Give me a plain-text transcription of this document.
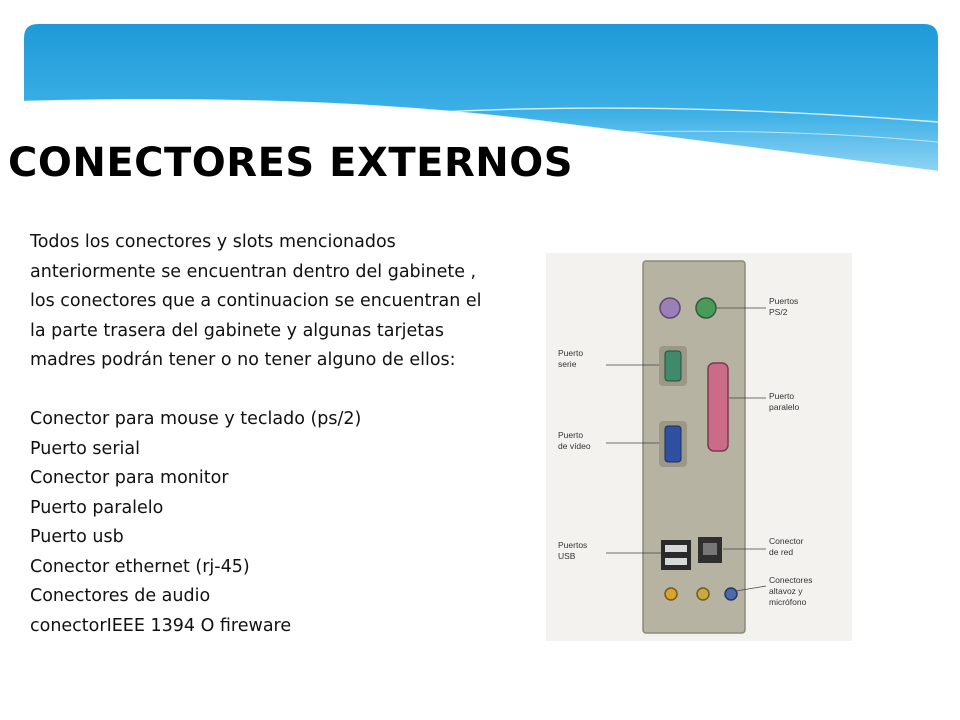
CONECTORES EXTERNOS

Todos los conectores y slots mencionados anteriormente se encuentran dentro del gabinete , los conectores que a continuacion se encuentran el la parte trasera del gabinete y algunas tarjetas madres podrán tener o no tener alguno de ellos:

Conector para mouse y teclado (ps/2)
Puerto serial
Conector para monitor
Puerto paralelo
Puerto usb
Conector ethernet (rj-45)
Conectores de audio
conectorIEEE 1394 O fireware
Puertos
PS/2
Puerto
serie
Puerto
paralelo
Puerto
de vídeo
Conector
de red
Puertos
USB
Conectores
altavoz y
micrófono
